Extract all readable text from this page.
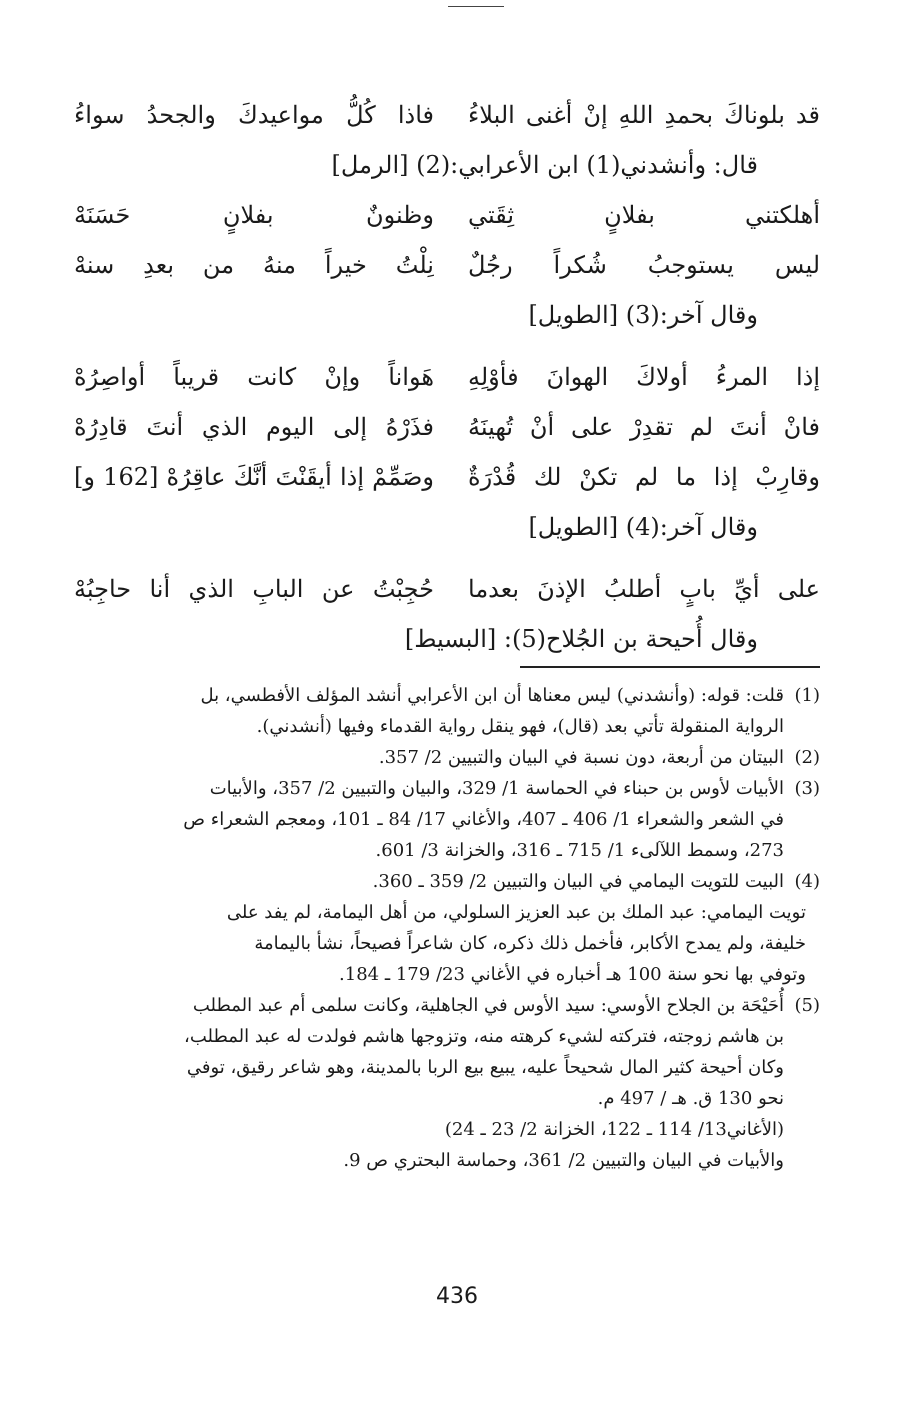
قد بلوناكَ بحمدِ اللهِ إنْ أغنى البلاءُ
فاذا كُلُّ مواعيدكَ والجحدُ سواءُ
قال: وأنشدني(1) ابن الأعرابي:(2) [الرمل]
أهلكتني بفلانٍ ثِقَتي
وظنونٌ بفلانٍ حَسَنَهْ
ليس يستوجبُ شُكراً رجُلٌ
نِلْتُ خيراً منهُ من بعدِ سنهْ
وقال آخر:(3) [الطويل]
إذا المرءُ أولاكَ الهوانَ فأوْلِهِ
هَواناً وإنْ كانت قريباً أواصِرُهْ
فانْ أنتَ لم تقدِرْ على أنْ تُهينَهُ
فذَرْهُ إلى اليوم الذي أنتَ قادِرُهْ
وقارِبْ إذا ما لم تكنْ لك قُدْرَةٌ
وصَمِّمْ إذا أيقَنْتَ أنَّكَ عاقِرُهْ [162 و]
وقال آخر:(4) [الطويل]
على أيِّ بابٍ أطلبُ الإذنَ بعدما
حُجِبْتُ عن البابِ الذي أنا حاجِبُهْ
وقال أُحيحة بن الجُلاح(5): [البسيط]
(1)
قلت: قوله: (وأنشدني) ليس معناها أن ابن الأعرابي أنشد المؤلف الأفطسي، بل
الرواية المنقولة تأتي بعد (قال)، فهو ينقل رواية القدماء وفيها (أنشدني).
(2)
البيتان من أربعة، دون نسبة في البيان والتبيين 2/ 357.
(3)
الأبيات لأوس بن حبناء في الحماسة 1/ 329، والبيان والتبيين 2/ 357، والأبيات
في الشعر والشعراء 1/ 406 ـ 407، والأغاني 17/ 84 ـ 101، ومعجم الشعراء ص
273، وسمط اللآلىء 1/ 715 ـ 316، والخزانة 3/ 601.
(4)
البيت للتويت اليمامي في البيان والتبيين 2/ 359 ـ 360.
تويت اليمامي: عبد الملك بن عبد العزيز السلولي، من أهل اليمامة، لم يفد على
خليفة، ولم يمدح الأكابر، فأخمل ذلك ذكره، كان شاعراً فصيحاً، نشأ باليمامة
وتوفي بها نحو سنة 100 هـ أخباره في الأغاني 23/ 179 ـ 184.
(5)
أُحَيْحَة بن الجلاح الأوسي: سيد الأوس في الجاهلية، وكانت سلمى أم عبد المطلب
بن هاشم زوجته، فتركته لشيء كرهته منه، وتزوجها هاشم فولدت له عبد المطلب،
وكان أحيحة كثير المال شحيحاً عليه، يبيع بيع الربا بالمدينة، وهو شاعر رقيق، توفي
نحو 130 ق. هـ / 497 م.
(الأغاني13/ 114 ـ 122، الخزانة 2/ 23 ـ 24)
والأبيات في البيان والتبيين 2/ 361، وحماسة البحتري ص 9.
436
